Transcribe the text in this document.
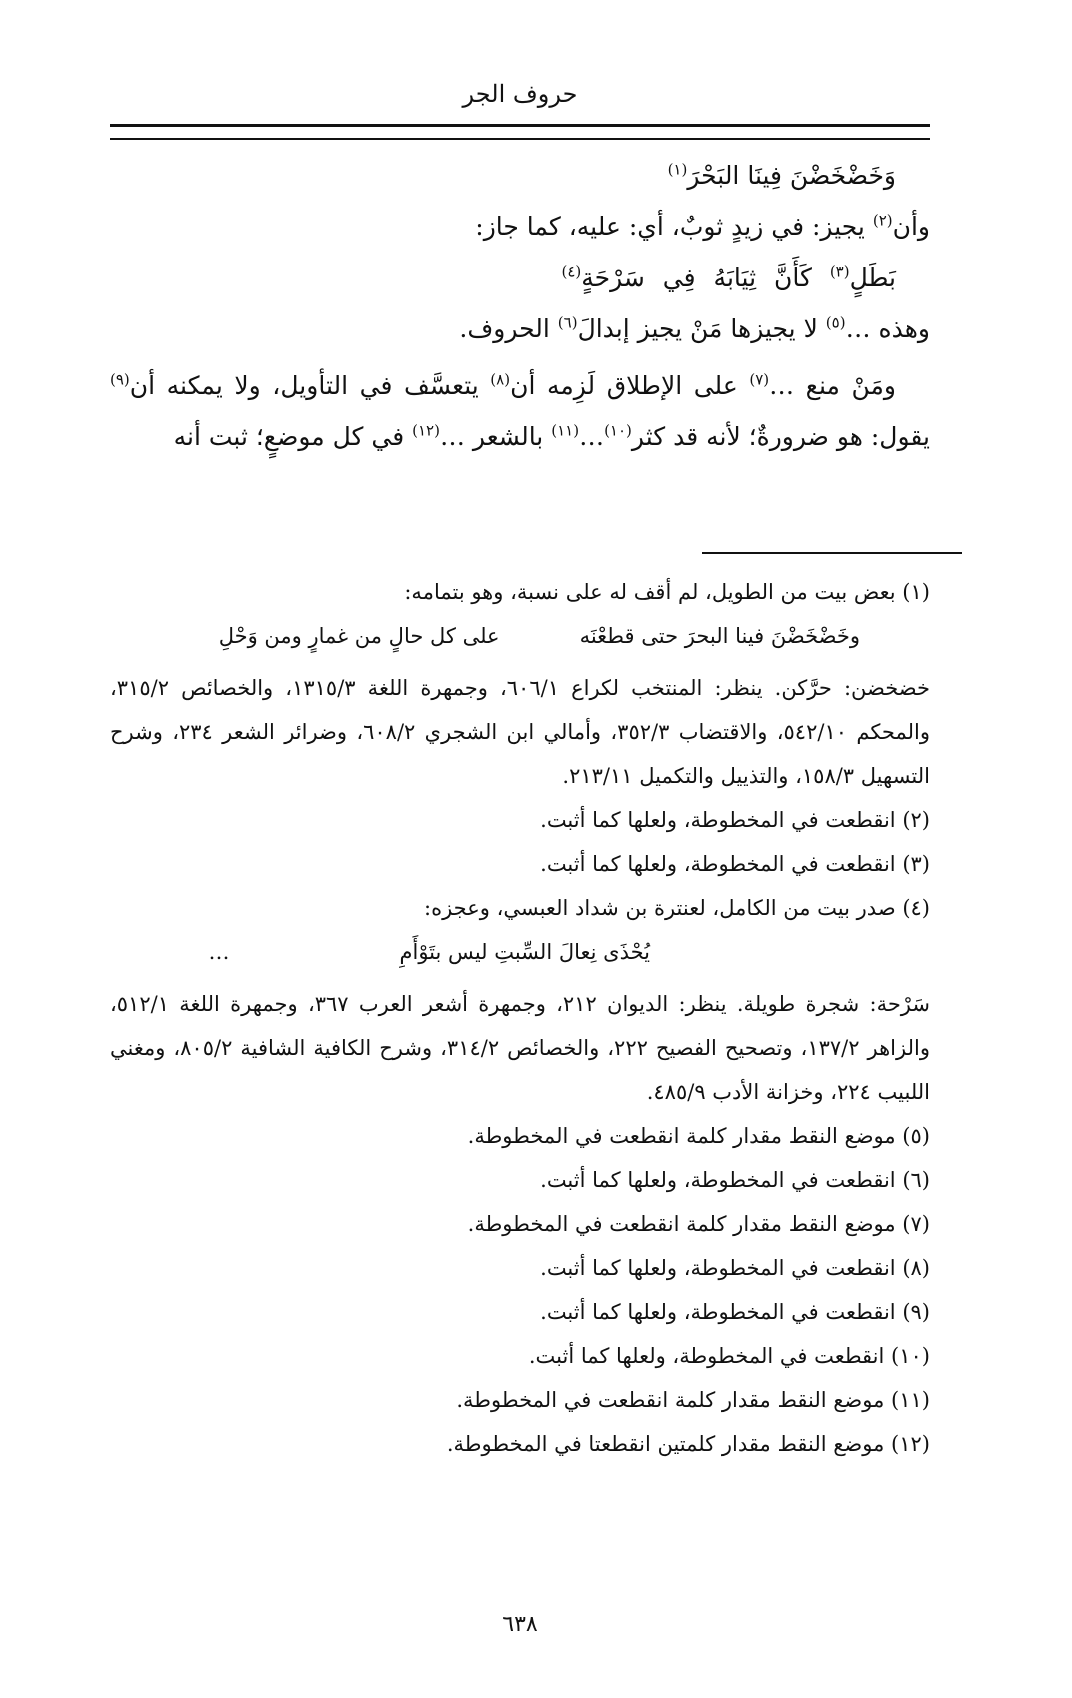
حروف الجر

وَخَضْخَضْنَ فِينَا البَحْرَ$^{(١)}$

وأن$^{(٢)}$ يجيز: في زيدٍ ثوبٌ، أي: عليه، كما جاز:

بَطَلٍ$^{(٣)}$ كَأَنَّ ثِيَابَهُ فِي سَرْحَةٍ$^{(٤)}$

وهذه …$^{(٥)}$ لا يجيزها مَنْ يجيز إبدالَ$^{(٦)}$ الحروف.

ومَنْ منع …$^{(٧)}$ على الإطلاق لَزِمه أن$^{(٨)}$ يتعسَّف في التأويل، ولا يمكنه أن$^{(٩)}$ يقول: هو ضرورةٌ؛ لأنه قد كثر$^{(١٠)}$…$^{(١١)}$ بالشعر …$^{(١٢)}$ في كل موضعٍ؛ ثبت أنه

(١) بعض بيت من الطويل، لم أقف له على نسبة، وهو بتمامه:

وخَضْخَضْنَ فينا البحرَ حتى قطعْنَه
على كل حالٍ من غمارٍ ومن وَحْلِ

خضخضن: حرَّكن. ينظر: المنتخب لكراع ٦٠٦/١، وجمهرة اللغة ١٣١٥/٣، والخصائص ٣١٥/٢، والمحكم ٥٤٢/١٠، والاقتضاب ٣٥٢/٣، وأمالي ابن الشجري ٦٠٨/٢، وضرائر الشعر ٢٣٤، وشرح التسهيل ١٥٨/٣، والتذييل والتكميل ٢١٣/١١.

(٢) انقطعت في المخطوطة، ولعلها كما أثبت.

(٣) انقطعت في المخطوطة، ولعلها كما أثبت.

(٤) صدر بيت من الكامل، لعنترة بن شداد العبسي، وعجزه:

يُحْذَى نِعالَ السِّبتِ ليس بتَوْأَمِ
…

سَرْحة: شجرة طويلة. ينظر: الديوان ٢١٢، وجمهرة أشعر العرب ٣٦٧، وجمهرة اللغة ٥١٢/١، والزاهر ١٣٧/٢، وتصحيح الفصيح ٢٢٢، والخصائص ٣١٤/٢، وشرح الكافية الشافية ٨٠٥/٢، ومغني اللبيب ٢٢٤، وخزانة الأدب ٤٨٥/٩.

(٥) موضع النقط مقدار كلمة انقطعت في المخطوطة.

(٦) انقطعت في المخطوطة، ولعلها كما أثبت.

(٧) موضع النقط مقدار كلمة انقطعت في المخطوطة.

(٨) انقطعت في المخطوطة، ولعلها كما أثبت.

(٩) انقطعت في المخطوطة، ولعلها كما أثبت.

(١٠) انقطعت في المخطوطة، ولعلها كما أثبت.

(١١) موضع النقط مقدار كلمة انقطعت في المخطوطة.

(١٢) موضع النقط مقدار كلمتين انقطعتا في المخطوطة.

٦٣٨
